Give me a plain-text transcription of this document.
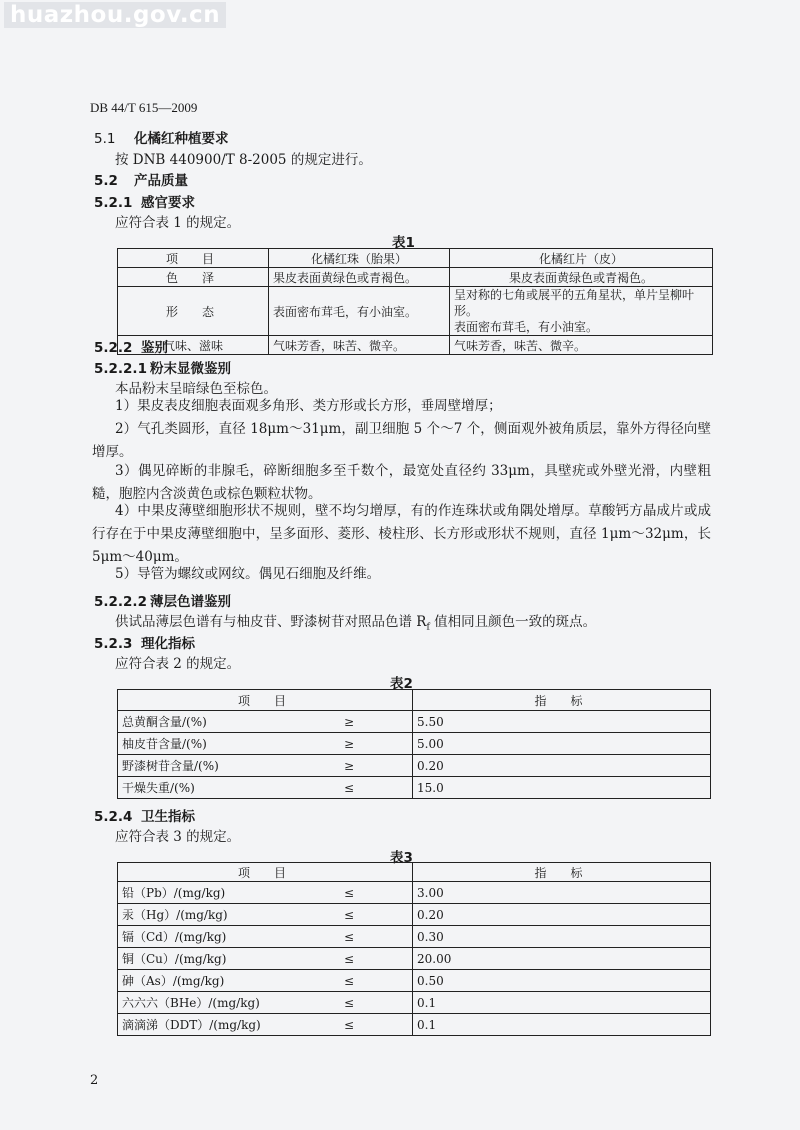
huazhou.gov.cn
DB 44/T 615—2009
5.1 化橘红种植要求
按 DNB 440900/T 8-2005 的规定进行。
5.2 产品质量
5.2.1 感官要求
应符合表 1 的规定。
表1
项　目	化橘红珠（胎果）	化橘红片（皮）
色　泽	果皮表面黄绿色或青褐色。	果皮表面黄绿色或青褐色。
形　态	表面密布茸毛，有小油室。	呈对称的七角或展平的五角星状，单片呈柳叶形。
表面密布茸毛，有小油室。
气味、滋味	气味芳香，味苦、微辛。	气味芳香，味苦、微辛。
5.2.2 鉴别
5.2.2.1 粉末显微鉴别
本品粉末呈暗绿色至棕色。
1）果皮表皮细胞表面观多角形、类方形或长方形，垂周壁增厚；
2）气孔类圆形，直径 18μm～31μm，副卫细胞 5 个～7 个，侧面观外被角质层，靠外方得径向壁增厚。
3）偶见碎断的非腺毛，碎断细胞多至千数个，最宽处直径约 33μm，具壁疣或外壁光滑，内壁粗糙，胞腔内含淡黄色或棕色颗粒状物。
4）中果皮薄壁细胞形状不规则，壁不均匀增厚，有的作连珠状或角隅处增厚。草酸钙方晶成片或成行存在于中果皮薄壁细胞中，呈多面形、菱形、棱柱形、长方形或形状不规则，直径 1μm～32μm，长 5μm～40μm。
5）导管为螺纹或网纹。偶见石细胞及纤维。
5.2.2.2 薄层色谱鉴别
供试品薄层色谱有与柚皮苷、野漆树苷对照品色谱 $R_f$ 值相同且颜色一致的斑点。
5.2.3 理化指标
应符合表 2 的规定。
表2
项　目		指　标
总黄酮含量/(%)	≥	5.50
柚皮苷含量/(%)	≥	5.00
野漆树苷含量/(%)	≥	0.20
干燥失重/(%)	≤	15.0
5.2.4 卫生指标
应符合表 3 的规定。
表3
项　目		指　标
铅（Pb）/(mg/kg)	≤	3.00
汞（Hg）/(mg/kg)	≤	0.20
镉（Cd）/(mg/kg)	≤	0.30
铜（Cu）/(mg/kg)	≤	20.00
砷（As）/(mg/kg)	≤	0.50
六六六（BHe）/(mg/kg)	≤	0.1
滴滴涕（DDT）/(mg/kg)	≤	0.1
2
